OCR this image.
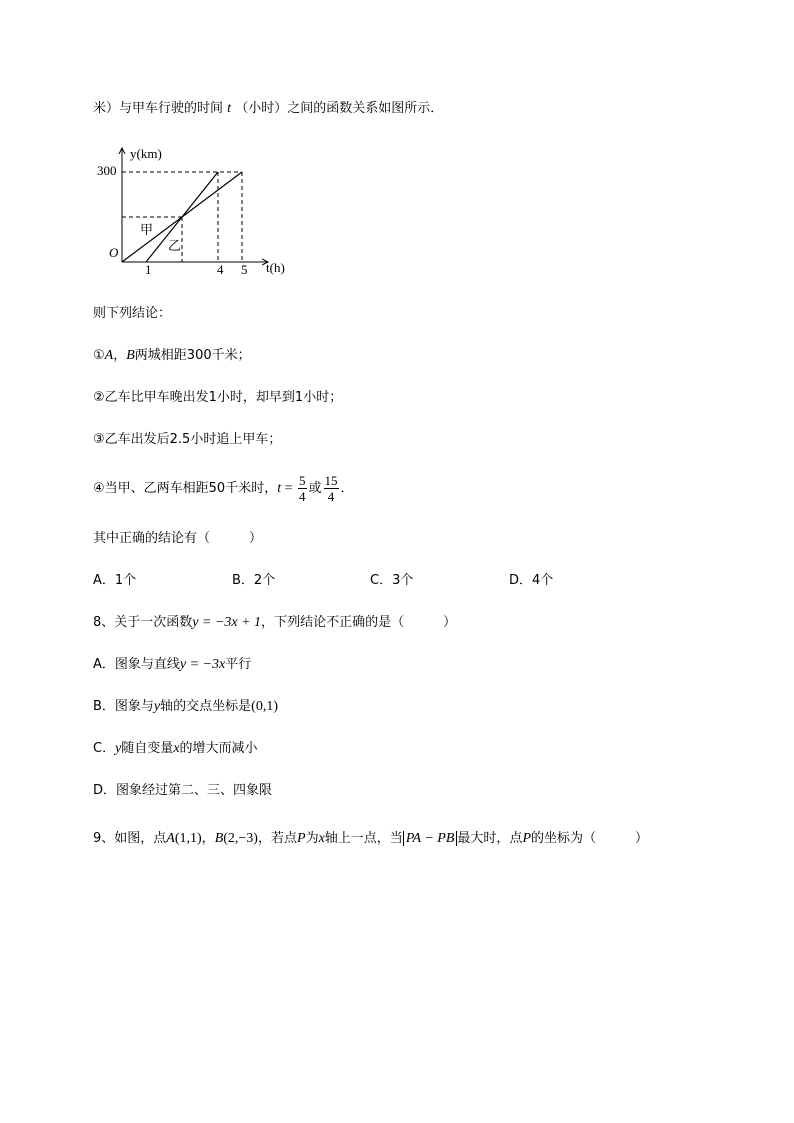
米）与甲车行驶的时间 t （小时）之间的函数关系如图所示．
y(km)
t(h)
O
300
1	4 5
甲
乙
则下列结论：
①A，B两城相距300千米；
②乙车比甲车晚出发1小时，却早到1小时；
③乙车出发后2.5小时追上甲车；
④当甲、乙两车相距50千米时，$t = \frac{5}{4}$ 或 $\frac{15}{4}$ ．
其中正确的结论有（　　　）
A．1个	B．2个	C．3个	D．4个
8、关于一次函数y = −3x + 1，下列结论不正确的是（　　　）
A．图象与直线y = −3x平行
B．图象与y轴的交点坐标是(0,1)
C．y随自变量x的增大而减小
D．图象经过第二、三、四象限
9、如图，点A(1,1)，B(2,−3)，若点P为x轴上一点，当 PA − PB 最大时，点P的坐标为（　　　）
